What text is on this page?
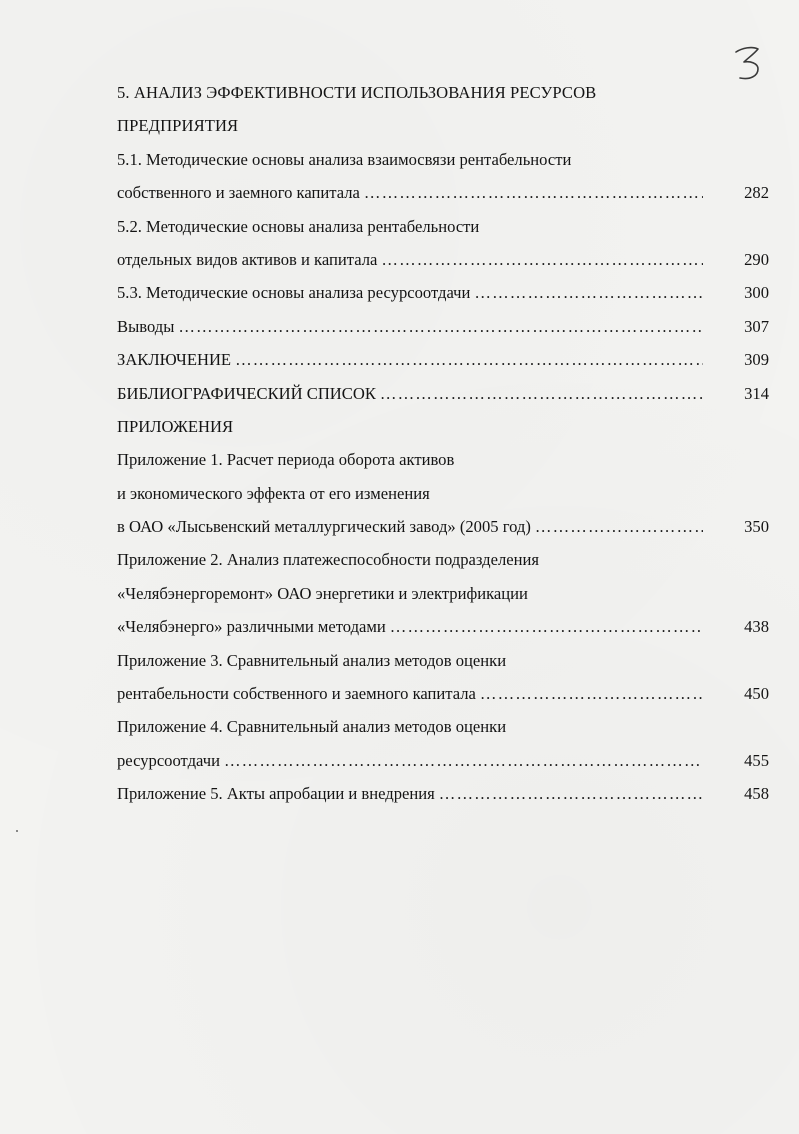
5. АНАЛИЗ ЭФФЕКТИВНОСТИ ИСПОЛЬЗОВАНИЯ РЕСУРСОВ
ПРЕДПРИЯТИЯ
5.1. Методические основы анализа взаимосвязи рентабельности
собственного и заемного капитала …………………………………………………………………………………………………………………………………………………………………………………………………………………	282
5.2. Методические основы анализа рентабельности
отдельных видов активов и капитала …………………………………………………………………………………………………………………………………………………………………………………………………………………	290
5.3. Методические основы анализа ресурсоотдачи …………………………………………………………………………………………………………………………………………………………………………………………………………………	300
Выводы …………………………………………………………………………………………………………………………………………………………………………………………………………………	307
ЗАКЛЮЧЕНИЕ …………………………………………………………………………………………………………………………………………………………………………………………………………………	309
БИБЛИОГРАФИЧЕСКИЙ СПИСОК …………………………………………………………………………………………………………………………………………………………………………………………………………………	314
ПРИЛОЖЕНИЯ
Приложение 1. Расчет периода оборота активов
и экономического эффекта от его изменения
в ОАО «Лысьвенский металлургический завод» (2005 год) …………………………………………………………………………………………………………………………………………………………………………………………………………………	350
Приложение 2. Анализ платежеспособности подразделения
«Челябэнергоремонт» ОАО энергетики и электрификации
«Челябэнерго» различными методами …………………………………………………………………………………………………………………………………………………………………………………………………………………	438
Приложение 3. Сравнительный анализ методов оценки
рентабельности собственного и заемного капитала …………………………………………………………………………………………………………………………………………………………………………………………………………………	450
Приложение 4. Сравнительный анализ методов оценки
ресурсоотдачи …………………………………………………………………………………………………………………………………………………………………………………………………………………	455
Приложение 5. Акты апробации и внедрения …………………………………………………………………………………………………………………………………………………………………………………………………………………	458
